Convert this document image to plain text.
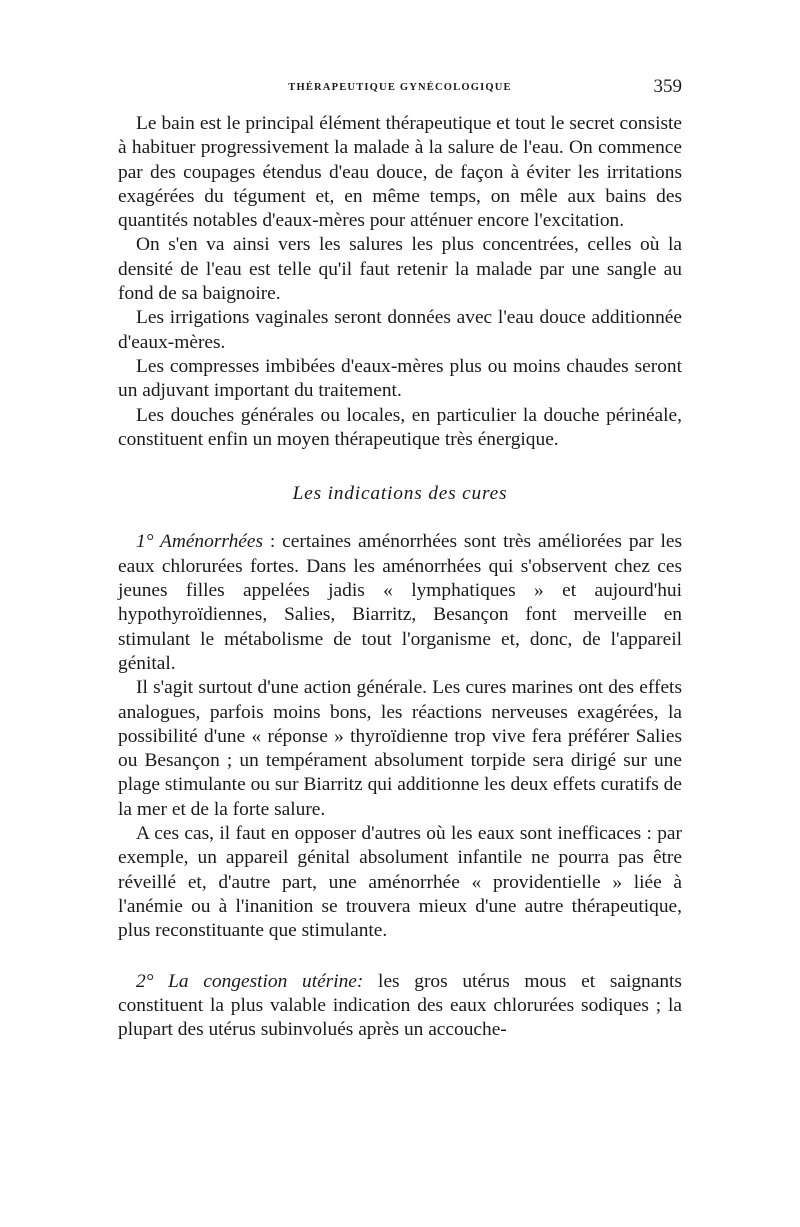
THÉRAPEUTIQUE GYNÉCOLOGIQUE	359

Le bain est le principal élément thérapeutique et tout le secret consiste à habituer progressivement la malade à la salure de l'eau. On commence par des coupages étendus d'eau douce, de façon à éviter les irritations exagérées du tégument et, en même temps, on mêle aux bains des quantités notables d'eaux-mères pour atténuer encore l'excitation.

On s'en va ainsi vers les salures les plus concentrées, celles où la densité de l'eau est telle qu'il faut retenir la malade par une sangle au fond de sa baignoire.

Les irrigations vaginales seront données avec l'eau douce additionnée d'eaux-mères.

Les compresses imbibées d'eaux-mères plus ou moins chaudes seront un adjuvant important du traitement.

Les douches générales ou locales, en particulier la douche périnéale, constituent enfin un moyen thérapeutique très énergique.

Les indications des cures

1° Aménorrhées : certaines aménorrhées sont très améliorées par les eaux chlorurées fortes. Dans les aménorrhées qui s'observent chez ces jeunes filles appelées jadis « lymphatiques » et aujourd'hui hypothyroïdiennes, Salies, Biarritz, Besançon font merveille en stimulant le métabolisme de tout l'organisme et, donc, de l'appareil génital.

Il s'agit surtout d'une action générale. Les cures marines ont des effets analogues, parfois moins bons, les réactions nerveuses exagérées, la possibilité d'une « réponse » thyroïdienne trop vive fera préférer Salies ou Besançon ; un tempérament absolument torpide sera dirigé sur une plage stimulante ou sur Biarritz qui additionne les deux effets curatifs de la mer et de la forte salure.

A ces cas, il faut en opposer d'autres où les eaux sont inefficaces : par exemple, un appareil génital absolument infantile ne pourra pas être réveillé et, d'autre part, une aménorrhée « providentielle » liée à l'anémie ou à l'inanition se trouvera mieux d'une autre thérapeutique, plus reconstituante que stimulante.

2° La congestion utérine: les gros utérus mous et saignants constituent la plus valable indication des eaux chlorurées sodiques ; la plupart des utérus subinvolués après un accouche-
